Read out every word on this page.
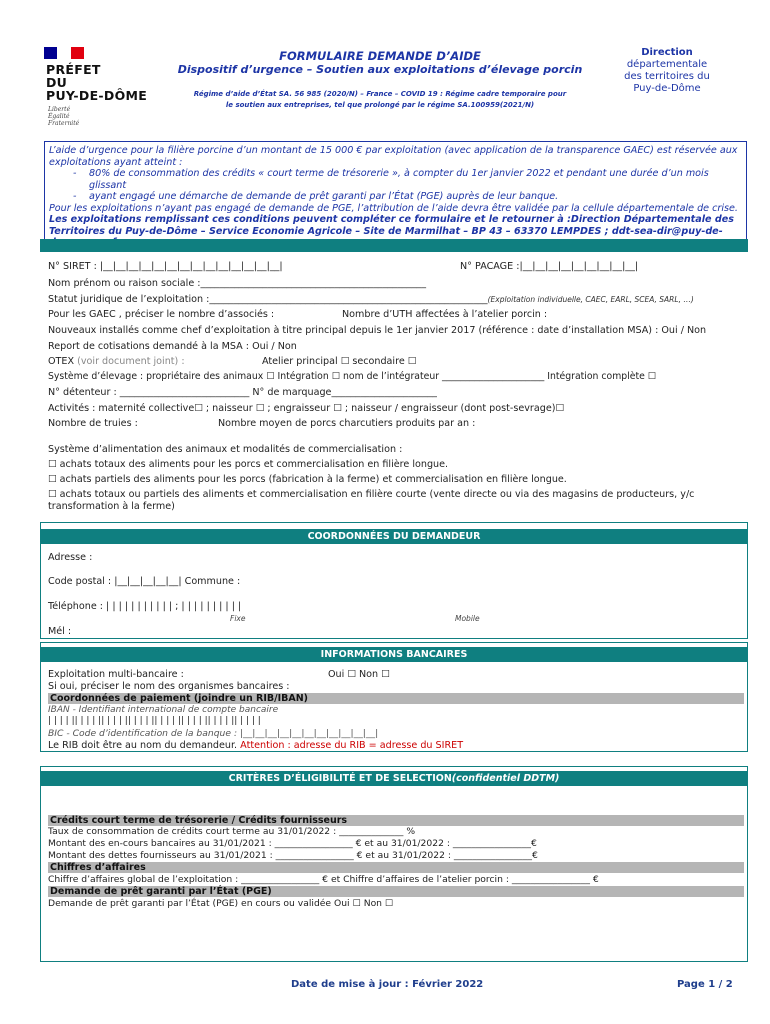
PRÉFET
DU
PUY-DE-DÔME
Liberté
Égalité
Fraternité
FORMULAIRE DEMANDE D’AIDE
Dispositif d’urgence – Soutien aux exploitations d’élevage porcin
Régime d’aide d’État SA. 56 985 (2020/N) – France – COVID 19 : Régime cadre temporaire pour
le soutien aux entreprises, tel que prolongé par le régime SA.100959(2021/N)
Direction
départementale
des territoires du
Puy-de-Dôme
L’aide d’urgence pour la filière porcine d’un montant de 15 000 € par exploitation (avec application de la transparence GAEC) est réservée aux exploitations ayant atteint :
- 80% de consommation des crédits « court terme de trésorerie », à compter du 1er janvier 2022 et pendant une durée d’un mois glissant
- ayant engagé une démarche de demande de prêt garanti par l’État (PGE) auprès de leur banque.
Pour les exploitations n’ayant pas engagé de demande de PGE, l’attribution de l’aide devra être validée par la cellule départementale de crise.
Les exploitations remplissant ces conditions peuvent compléter ce formulaire et le retourner à :Direction Départementale des Territoires du Puy-de-Dôme – Service Economie Agricole – Site de Marmilhat – BP 43 – 63370 LEMPDES ; ddt-sea-dir@puy-de-
N° SIRET : |__|__|__|__|__|__|__|__|__|__|__|__|__|__|	N° PACAGE :|__|__|__|__|__|__|__|__|__|
Nom prénom ou raison sociale :_______________________________________________
Statut juridique de l’exploitation :__________________________________________________________(Exploitation individuelle, CAEC, EARL, SCEA, SARL, …)
Pour les GAEC , préciser le nombre d’associés :	Nombre d’UTH affectées à l’atelier porcin :
Nouveaux installés comme chef d’exploitation à titre principal depuis le 1er janvier 2017 (référence : date d’installation MSA) : Oui / Non
Report de cotisations demandé à la MSA : Oui / Non
OTEX (voir document joint) :	Atelier principal ☐ secondaire ☐
Système d’élevage : propriétaire des animaux ☐ Intégration ☐ nom de l’intégrateur ______________________ Intégration complète ☐
N° détenteur : ___________________________ N° de marquage______________________
Activités : maternité collective☐ ; naisseur ☐ ; engraisseur ☐ ; naisseur / engraisseur (dont post-sevrage)☐
Nombre de truies :	Nombre moyen de porcs charcutiers produits par an :
Système d’alimentation des animaux et modalités de commercialisation :
☐ achats totaux des aliments pour les porcs et commercialisation en filière longue.
☐ achats partiels des aliments pour les porcs (fabrication à la ferme) et commercialisation en filière longue.
☐ achats totaux ou partiels des aliments et commercialisation en filière courte (vente directe ou via des magasins de producteurs, y/c
transformation à la ferme)
COORDONNÉES DU DEMANDEUR
Adresse :
Code postal : |__|__|__|__|__| Commune :
Téléphone : | | | | | | | | | | | ; | | | | | | | | | |
Fixe	Mobile
Mél :
INFORMATIONS BANCAIRES
Exploitation multi-bancaire :	Oui ☐ Non ☐
Si oui, préciser le nom des organismes bancaires :
Coordonnées de paiement (joindre un RIB/IBAN)
IBAN - Identifiant international de compte bancaire
| | | | || | | | || | | | || | | | || | | | || | | | || | | | || | | | |
BIC - Code d’identification de la banque : |__|__|__|__|__|__|__|__|__|__|__|
Le RIB doit être au nom du demandeur. Attention : adresse du RIB = adresse du SIRET
CRITÈRES D’ÉLIGIBILITÉ ET DE SELECTION(confidentiel DDTM)
Crédits court terme de trésorerie / Crédits fournisseurs
Taux de consommation de crédits court terme au 31/01/2022 : ______________ %
Montant des en-cours bancaires au 31/01/2021 : _________________ € et au 31/01/2022 : _________________€
Montant des dettes fournisseurs au 31/01/2021 : _________________ € et au 31/01/2022 : _________________€
Chiffres d’affaires
Chiffre d’affaires global de l’exploitation : _________________ € et Chiffre d’affaires de l’atelier porcin : _________________ €
Demande de prêt garanti par l’État (PGE)
Demande de prêt garanti par l’État (PGE) en cours ou validée Oui ☐ Non ☐
Date de mise à jour : Février 2022	Page 1 / 2
